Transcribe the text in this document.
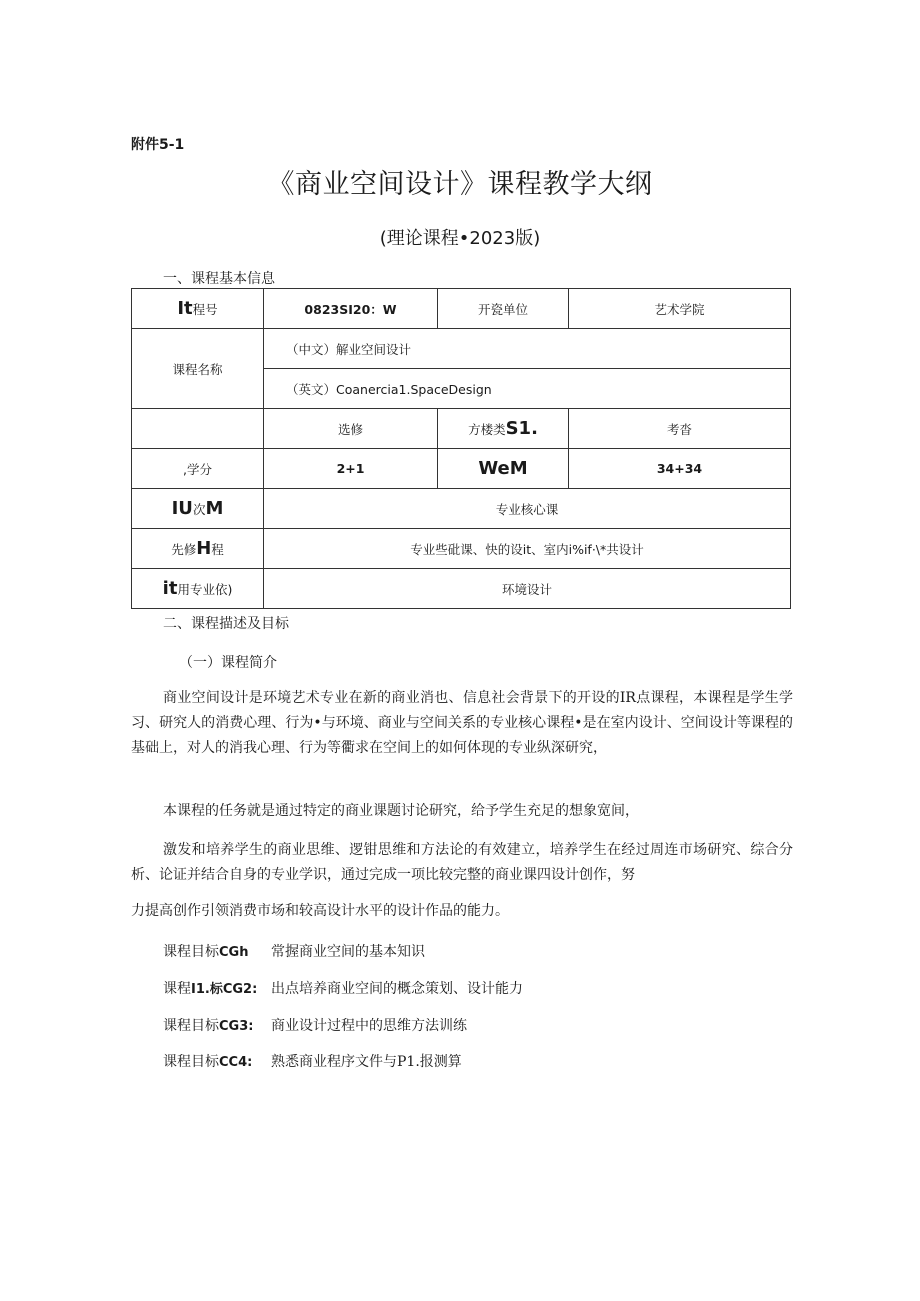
附件5-1
《商业空间设计》课程教学大纲
(理论课程•2023版)
一、课程基本信息
It程号	0823SI20：W	开瓷单位	艺术学院
课程名称	（中文）解业空间设计		
	（英文）Coanercia1.SpaceDesign		
	选修	方楼类S1.	考沓
,学分	2+1	WeM	34+34
IU次M	专业核心课		
先修H程	专业些砒课、快的设it、室内i%if·\*共设计		
it用专业依)	环境设计		
二、课程描述及目标
（一）课程简介
商业空间设计是环境艺术专业在新的商业消也、信息社会背景下的开设的IR点课程，本课程是学生学习、研究人的消费心理、行为•与环境、商业与空间关系的专业核心课程•是在室内设计、空间设计等课程的基础上，对人的消我心理、行为等衢求在空间上的如何体现的专业纵深研究，
本课程的任务就是通过特定的商业课题讨论研究，给予学生充足的想象宽间，
激发和培养学生的商业思维、逻钳思维和方法论的有效建立，培养学生在经过周连市场研究、综合分析、论证并结合自身的专业学识，通过完成一项比较完整的商业课四设计创作，努
力提高创作引领消费市场和较高设计水平的设计作品的能力。
课程目标CGh 常握商业空间的基本知识
课程I1.标CG2: 出点培养商业空间的概念策划、设计能力
课程目标CG3: 商业设计过程中的思维方法训练
课程目标CC4: 熟悉商业程序文件与P1.报测算
